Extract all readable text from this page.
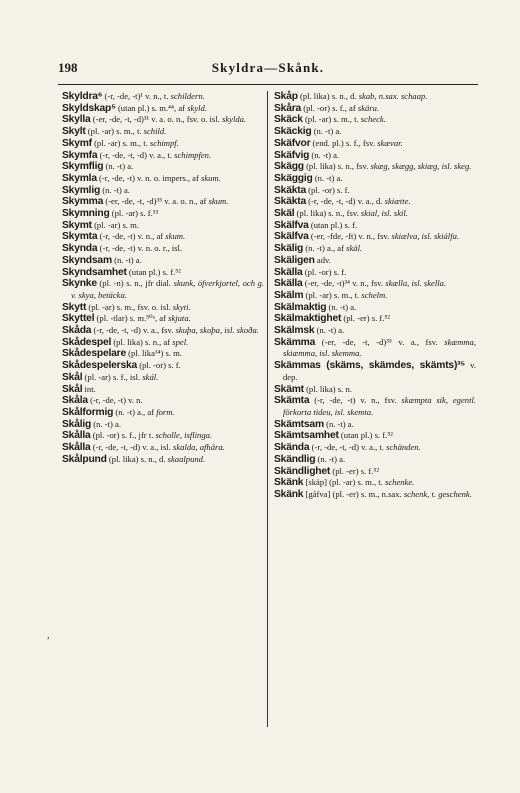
198	Skyldra—Skånk.
Skyldra⁶ (-r, -de, -t)¹ v. n., t. schildern.
Skyldskap⁵ (utan pl.) s. m.⁴⁴, af skyld.
Skylla (-er, -de, -t, -d)³¹ v. a. o. n., fsv. o. isl. skylda.
Skylt (pl. -ar) s. m., t. schild.
Skymf (pl. -ar) s. m., t. schimpf.
Skymfa (-r, -de, -t, -d) v. a., t. schimpfen.
Skymflig (n. -t) a.
Skymla (-r, -de, -t) v. n. o. impers., af skum.
Skymlig (n. -t) a.
Skymma (-er, -de, -t, -d)³⁵ v. a. o. n., af skum.
Skymning (pl. -ar) s. f.⁵³
Skymt (pl. -ar) s. m.
Skymta (-r, -de, -t) v. n., af skum.
Skynda (-r, -de, -t) v. n. o. r., isl.
Skyndsam (n. -t) a.
Skyndsamhet (utan pl.) s. f.⁵²
Skynke (pl. -n) s. n., jfr dial. skunk, öfverkjortel, och g. v. skya, betäcka.
Skytt (pl. -ar) s. m., fsv. o. isl. skyti.
Skyttel (pl. -tlar) s. m.⁵⁰ᵃ, af skjuta.
Skåda (-r, -de, -t, -d) v. a., fsv. skuþa, skoþa, isl. skoða.
Skådespel (pl. lika) s. n., af spel.
Skådespelare (pl. lika¹⁴) s. m.
Skådespelerska (pl. -or) s. f.
Skål (pl. -ar) s. f., isl. skál.
Skål int.
Skåla (-r, -de, -t) v. n.
Skålformig (n. -t) a., af form.
Skålig (n. -t) a.
Skålla (pl. -or) s. f., jfr t. scholle, isflinga.
Skålla (-r, -de, -t, -d) v. a., isl. skalda, afhåra.
Skålpund (pl. lika) s. n., d. skaalpund.
Skåp (pl. lika) s. n., d. skab, n.sax. schaap.
Skåra (pl. -or) s. f., af skära.
Skäck (pl. -ar) s. m., t. scheck.
Skäckig (n. -t) a.
Skäfvor (end. pl.) s. f., fsv. skævar.
Skäfvig (n. -t) a.
Skägg (pl. lika) s. n., fsv. skæg, skægg, skiæg, isl. skeg.
Skäggig (n. -t) a.
Skäkta (pl. -or) s. f.
Skäkta (-r, -de, -t, -d) v. a., d. skiætte.
Skäl (pl. lika) s. n., fsv. skial, isl. skil.
Skälfva (utan pl.) s. f.
Skälfva (-er, -fde, -ft) v. n., fsv. skiælva, isl. skiálfa.
Skälig (n. -t) a., af skäl.
Skäligen adv.
Skälla (pl. -or) s. f.
Skälla (-er, -de, -t)³⁴ v. n., fsv. skælla, isl. skella.
Skälm (pl. -ar) s. m., t. schelm.
Skälmaktig (n. -t) a.
Skälmaktighet (pl. -er) s. f.⁵²
Skälmsk (n. -t) a.
Skämma (-er, -de, -t, -d)³⁵ v. a., fsv. skæmma, skiæmma, isl. skemma.
Skämmas (skäms, skämdes, skämts)³⁵ v. dep.
Skämt (pl. lika) s. n.
Skämta (-r, -de, -t) v. n., fsv. skæmpta sik, egentl. förkorta tideu, isl. skemta.
Skämtsam (n. -t) a.
Skämtsamhet (utan pl.) s. f.⁵²
Skända (-r, -de, -t, -d) v. a., t. schänden.
Skändlig (n. -t) a.
Skändlighet (pl. -er) s. f.⁵²
Skänk [skäp] (pl. -ar) s. m., t. schenke.
Skänk [gåfva] (pl. -er) s. m., n.sax. schenk, t. geschenk.
,
